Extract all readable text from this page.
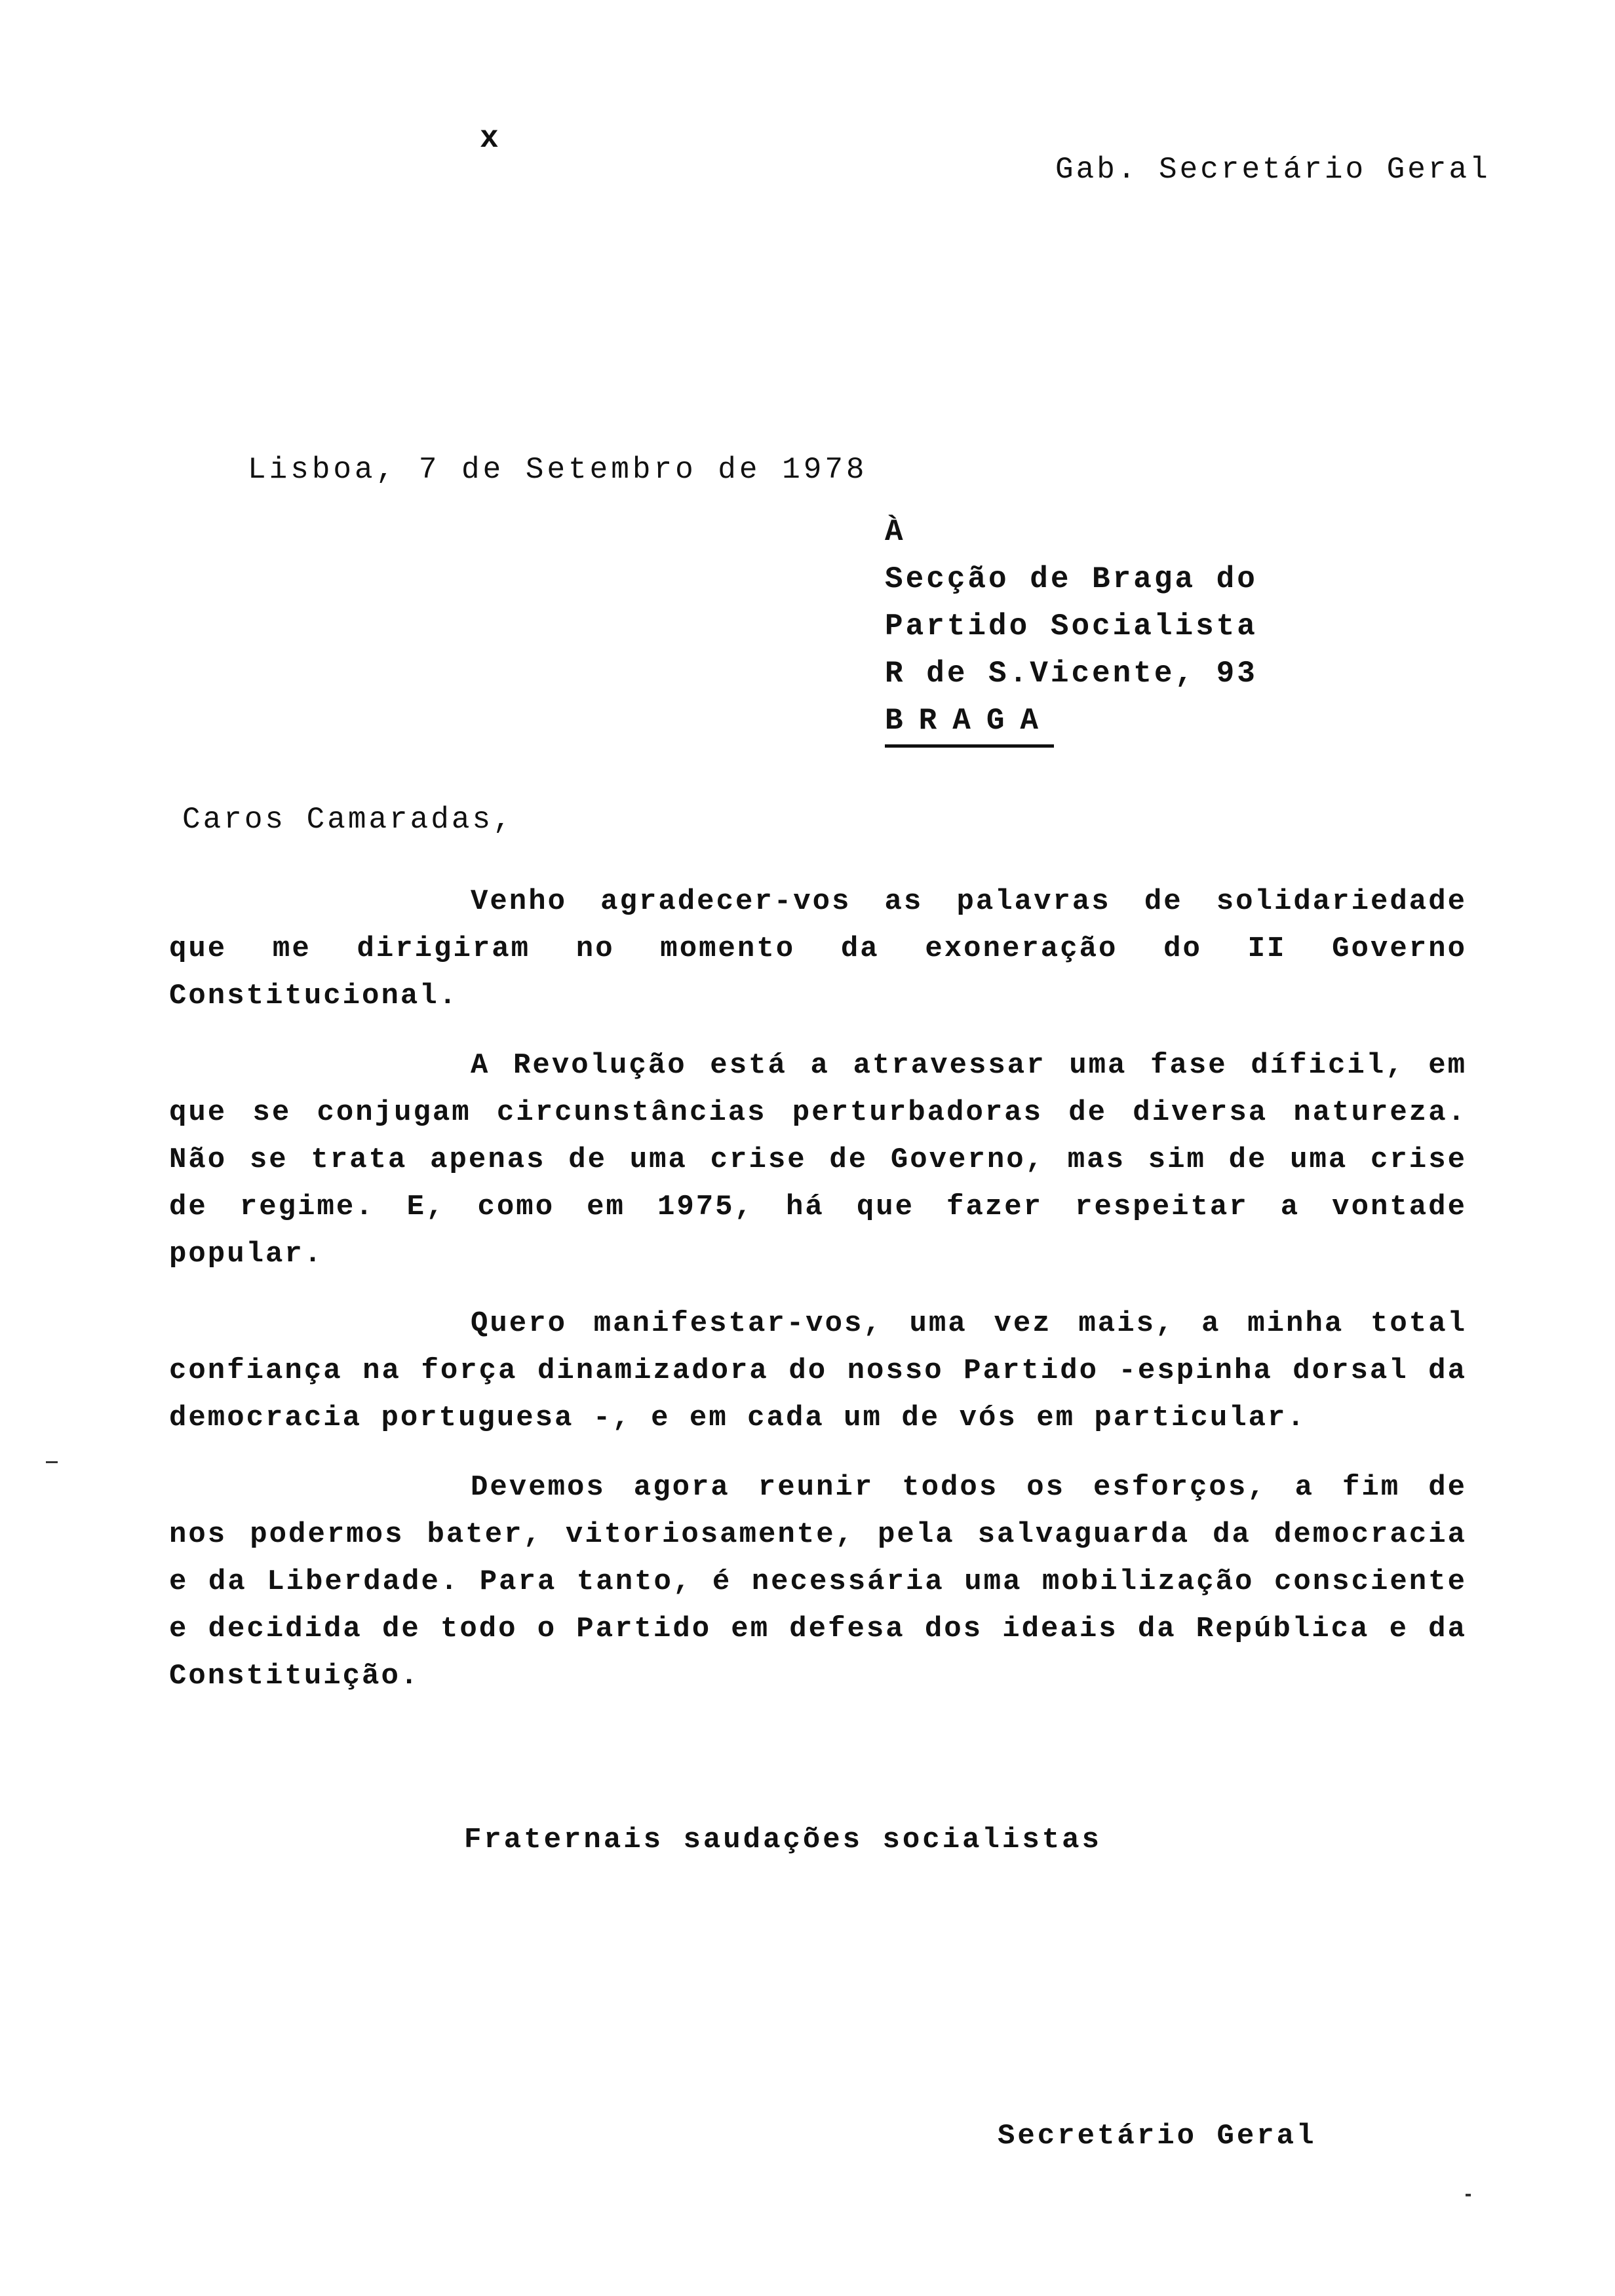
x
Gab. Secretário Geral
Lisboa, 7 de Setembro de 1978
À
Secção de Braga do
Partido Socialista
R de S.Vicente, 93
BRAGA
Caros Camaradas,

Venho agradecer-vos as palavras de solidariedade que me dirigiram no momento da exoneração do II Governo Constitucional.

A Revolução está a atravessar uma fase díficil, em que se conjugam circunstâncias perturbadoras de diversa natureza. Não se trata apenas de uma crise de Governo, mas sim de uma crise de regime. E, como em 1975, há que fazer respeitar a vontade popular.

Quero manifestar-vos, uma vez mais, a minha total confiança na força dinamizadora do nosso Partido -espinha dorsal da democracia portuguesa -, e em cada um de vós em particular.

Devemos agora reunir todos os esforços, a fim de nos podermos bater, vitoriosamente, pela salvaguarda da democracia e da Liberdade. Para tanto, é necessária uma mobilização consciente e decidida de todo o Partido em defesa dos ideais da República e da Constituição.

Fraternais saudações socialistas
Secretário Geral
